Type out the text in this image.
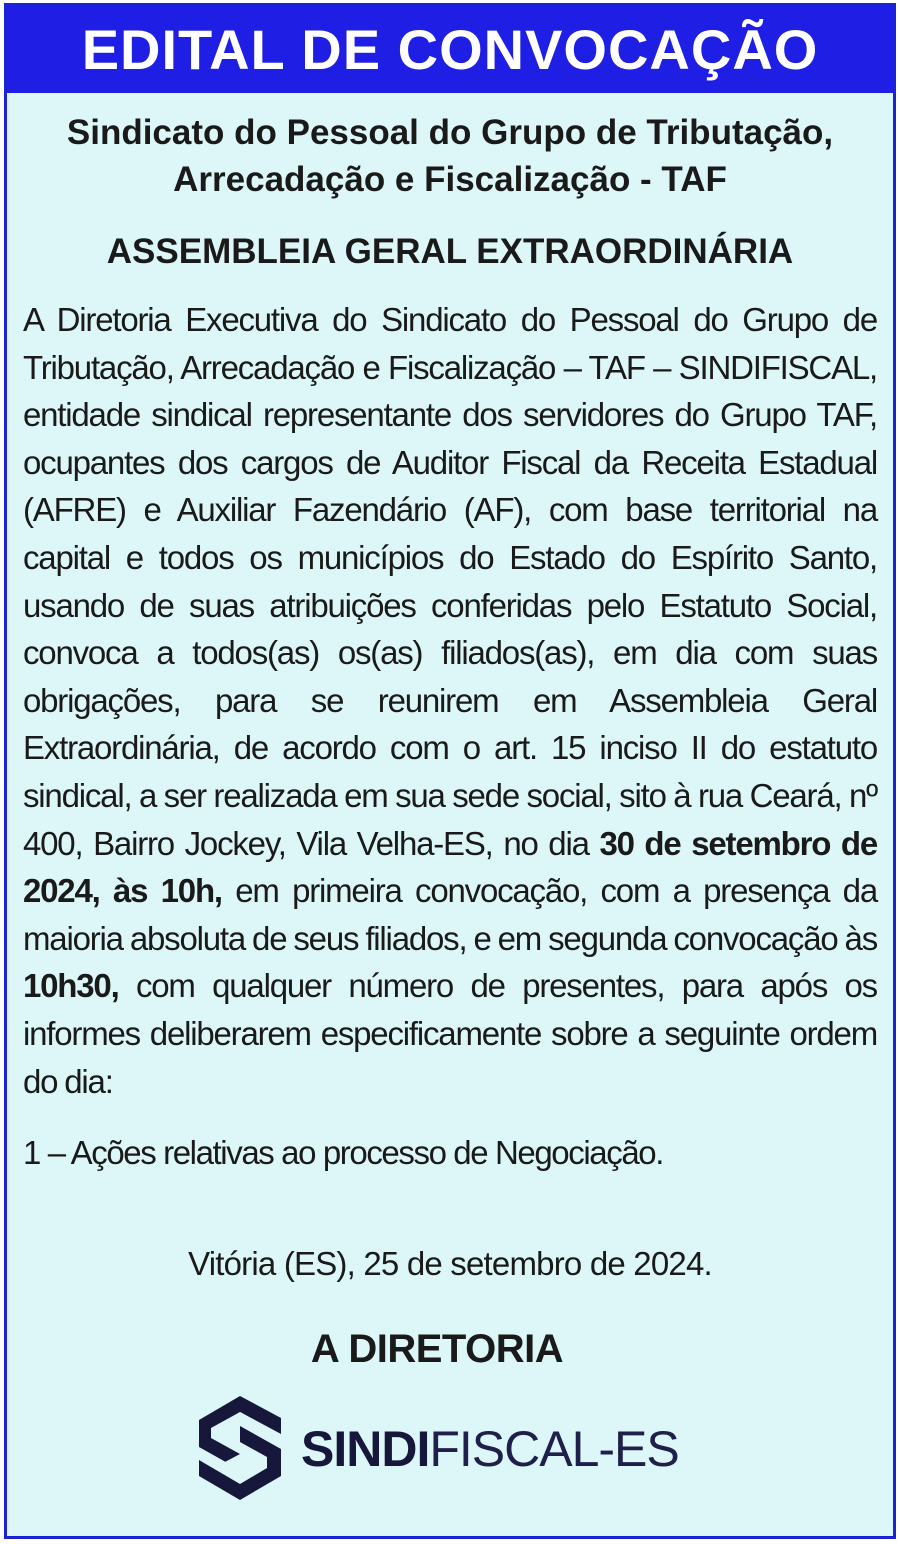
EDITAL DE CONVOCAÇÃO
Sindicato do Pessoal do Grupo de Tributação,
Arrecadação e Fiscalização - TAF
ASSEMBLEIA GERAL EXTRAORDINÁRIA
A Diretoria Executiva do Sindicato do Pessoal do Grupo de Tributação, Arrecadação e Fiscalização – TAF – SINDIFISCAL, entidade sindical representante dos servidores do Grupo TAF, ocupantes dos cargos de Auditor Fiscal da Receita Estadual (AFRE) e Auxiliar Fazendário (AF), com base territorial na capital e todos os municípios do Estado do Espírito Santo, usando de suas atribuições conferidas pelo Estatuto Social, convoca a todos(as) os(as) filiados(as), em dia com suas obrigações, para se reunirem em Assembleia Geral Extraordinária, de acordo com o art. 15 inciso II do estatuto sindical, a ser realizada em sua sede social, sito à rua Ceará, nº 400, Bairro Jockey, Vila Velha-ES, no dia 30 de setembro de 2024, às 10h, em primeira convocação, com a presença da maioria absoluta de seus filiados, e em segunda convocação às 10h30, com qualquer número de presentes, para após os informes deliberarem especificamente sobre a seguinte ordem do dia:
1 – Ações relativas ao processo de Negociação.
Vitória (ES), 25 de setembro de 2024.
A DIRETORIA
SINDIFISCAL-ES
